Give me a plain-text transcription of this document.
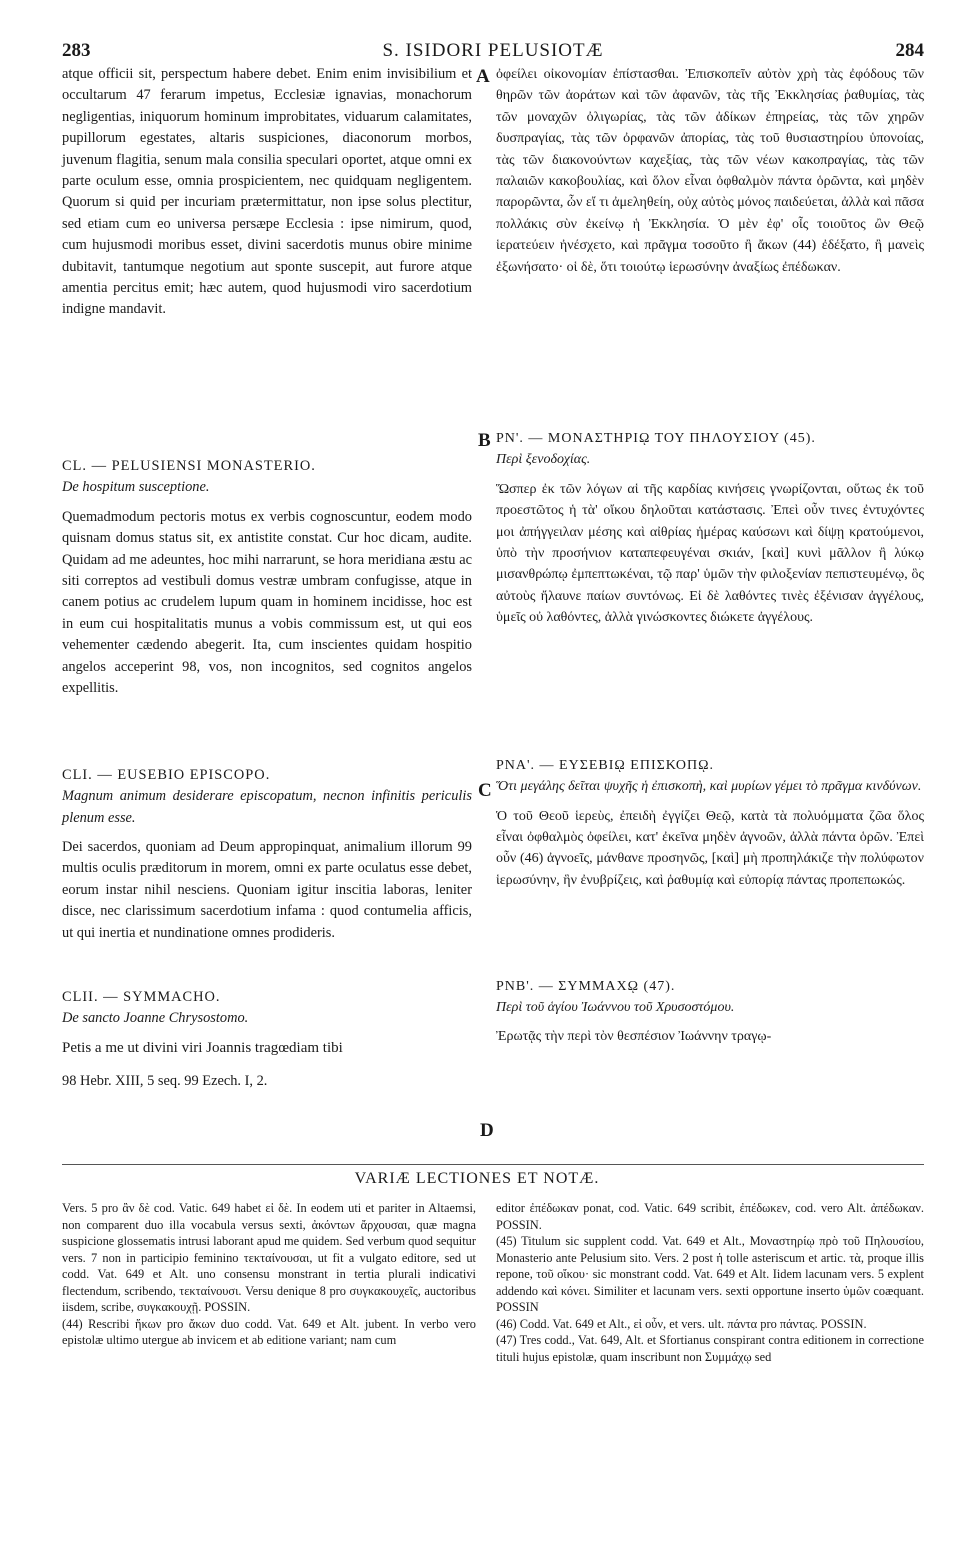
283	S. ISIDORI PELUSIOTÆ	284
A
B
C
D

atque officii sit, perspectum habere debet. Enim enim invisibilium et occultarum 47 ferarum impetus, Ecclesiæ ignavias, monachorum negligentias, iniquorum hominum improbitates, viduarum calamitates, pupillorum egestates, altaris suspiciones, diaconorum morbos, juvenum flagitia, senum mala consilia speculari oportet, atque omni ex parte oculum esse, omnia prospicientem, nec quidquam negligentem. Quorum si quid per incuriam prætermittatur, non ipse solus plectitur, sed etiam cum eo universa persæpe Ecclesia : ipse nimirum, quod, cum hujusmodi moribus esset, divini sacerdotis munus obire minime dubitavit, tantumque negotium aut sponte suscepit, aut furore atque amentia percitus emit; hæc autem, quod hujusmodi viro sacerdotium indigne mandavit.

CL. — PELUSIENSI MONASTERIO.

De hospitum susceptione.

Quemadmodum pectoris motus ex verbis cognoscuntur, eodem modo quisnam domus status sit, ex antistite constat. Cur hoc dicam, audite. Quidam ad me adeuntes, hoc mihi narrarunt, se hora meridiana æstu ac siti correptos ad vestibuli domus vestræ umbram confugisse, atque in canem potius ac crudelem lupum quam in hominem incidisse, hoc est in eum cui hospitalitatis munus a vobis commissum est, ut qui eos vehementer cædendo abegerit. Ita, cum inscientes quidam hospitio angelos acceperint 98, vos, non incognitos, sed cognitos angelos expellitis.

CLI. — EUSEBIO EPISCOPO.

Magnum animum desiderare episcopatum, necnon infinitis periculis plenum esse.

Dei sacerdos, quoniam ad Deum appropinquat, animalium illorum 99 multis oculis præditorum in morem, omni ex parte oculatus esse debet, eorum instar nihil nesciens. Quoniam igitur inscitia laboras, leniter disce, nec clarissimum sacerdotium infama : quod contumelia afficis, ut qui inertia et nundinatione omnes prodideris.

CLII. — SYMMACHO.

De sancto Joanne Chrysostomo.

Petis a me ut divini viri Joannis tragœdiam tibi

98 Hebr. XIII, 5 seq. 99 Ezech. I, 2.

ὀφείλει οἰκονομίαν ἐπίστασθαι. Ἐπισκοπεῖν αὐτὸν χρὴ τὰς ἐφόδους τῶν θηρῶν τῶν ἀοράτων καὶ τῶν ἀφανῶν, τὰς τῆς Ἐκκλησίας ῥαθυμίας, τὰς τῶν μοναχῶν ὀλιγωρίας, τὰς τῶν ἀδίκων ἐπηρείας, τὰς τῶν χηρῶν δυσπραγίας, τὰς τῶν ὀρφανῶν ἀπορίας, τὰς τοῦ θυσιαστηρίου ὑπονοίας, τὰς τῶν διακονούντων καχεξίας, τὰς τῶν νέων κακοπραγίας, τὰς τῶν παλαιῶν κακοβουλίας, καὶ ὅλον εἶναι ὀφθαλμὸν πάντα ὁρῶντα, καὶ μηδὲν παρορῶντα, ὧν εἴ τι ἀμεληθείη, οὐχ αὐτὸς μόνος παιδεύεται, ἀλλὰ καὶ πᾶσα πολλάκις σὺν ἐκείνῳ ἡ Ἐκκλησία. Ὁ μὲν ἐφ' οἷς τοιοῦτος ὢν Θεῷ ἱερατεύειν ἠνέσχετο, καὶ πρᾶγμα τοσοῦτο ἢ ἄκων (44) ἐδέξατο, ἢ μανεὶς ἐξωνήσατο· οἱ δὲ, ὅτι τοιούτῳ ἱερωσύνην ἀναξίως ἐπέδωκαν.

ΡΝ'. — ΜΟΝΑΣΤΗΡΙῼ ΤΟΥ ΠΗΛΟΥΣΙΟΥ (45).

Περὶ ξενοδοχίας.

Ὥσπερ ἐκ τῶν λόγων αἱ τῆς καρδίας κινήσεις γνωρίζονται, οὕτως ἐκ τοῦ προεστῶτος ἡ τὰ' οἴκου δηλοῦται κατάστασις. Ἐπεὶ οὖν τινες ἐντυχόντες μοι ἀπήγγειλαν μέσης καὶ αἰθρίας ἡμέρας καύσωνι καὶ δίψῃ κρατούμενοι, ὑπὸ τὴν προσήνιον καταπεφευγέναι σκιάν, [καὶ] κυνὶ μᾶλλον ἢ λύκῳ μισανθρώπῳ ἐμπεπτωκέναι, τῷ παρ' ὑμῶν τὴν φιλοξενίαν πεπιστευμένῳ, ὃς αὐτοὺς ἤλαυνε παίων συντόνως. Εἰ δὲ λαθόντες τινὲς ἐξένισαν ἀγγέλους, ὑμεῖς οὐ λαθόντες, ἀλλὰ γινώσκοντες διώκετε ἀγγέλους.

ΡΝΑ'. — ΕΥΣΕΒΙῼ ΕΠΙΣΚΟΠῼ.

Ὅτι μεγάλης δεῖται ψυχῆς ἡ ἐπισκοπὴ, καὶ μυρίων γέμει τὸ πρᾶγμα κινδύνων.

Ὁ τοῦ Θεοῦ ἱερεὺς, ἐπειδὴ ἐγγίζει Θεῷ, κατὰ τὰ πολυόμματα ζῶα ὅλος εἶναι ὀφθαλμὸς ὀφείλει, κατ' ἐκεῖνα μηδὲν ἀγνοῶν, ἀλλὰ πάντα ὁρῶν. Ἐπεὶ οὖν (46) ἀγνοεῖς, μάνθανε προσηνῶς, [καὶ] μὴ προπηλάκιζε τὴν πολύφωτον ἱερωσύνην, ἣν ἐνυβρίζεις, καὶ ῥαθυμίᾳ καὶ εὐπορίᾳ πάντας προπεπωκώς.

ΡΝΒ'. — ΣΥΜΜΑΧῼ (47).

Περὶ τοῦ ἁγίου Ἰωάννου τοῦ Χρυσοστόμου.

Ἐρωτᾷς τὴν περὶ τὸν θεσπέσιον Ἰωάννην τραγῳ-

VARIÆ LECTIONES ET NOTÆ.

Vers. 5 pro ἂν δὲ cod. Vatic. 649 habet εἰ δὲ. In eodem uti et pariter in Altaemsi, non comparent duo illa vocabula versus sexti, ἀκόντων ἄρχουσαι, quæ magna suspicione glossematis intrusi laborant apud me quidem. Sed verbum quod sequitur vers. 7 non in participio feminino τεκταίνουσαι, ut fit a vulgato editore, sed ut codd. Vat. 649 et Alt. uno consensu monstrant in tertia plurali indicativi flectendum, scribendo, τεκταίνουσι. Versu denique 8 pro συγκακουχεῖς, auctoribus iisdem, scribe, συγκακουχῇ. POSSIN.
(44) Rescribi ἥκων pro ἄκων duo codd. Vat. 649 et Alt. jubent. In verbo vero epistolæ ultimo utergue ab invicem et ab editione variant; nam cum

editor ἐπέδωκαν ponat, cod. Vatic. 649 scribit, ἐπέδωκεν, cod. vero Alt. ἀπέδωκαν. POSSIN.
(45) Titulum sic supplent codd. Vat. 649 et Alt., Μοναστηρίῳ πρὸ τοῦ Πηλουσίου, Monasterio ante Pelusium sito. Vers. 2 post ἡ tolle asteriscum et artic. τὰ, proque illis repone, τοῦ οἴκου· sic monstrant codd. Vat. 649 et Alt. Iidem lacunam vers. 5 explent addendo καὶ κόνει. Similiter et lacunam vers. sexti opportune inserto ὑμῶν coæquant. POSSIN
(46) Codd. Vat. 649 et Alt., εἰ οὖν, et vers. ult. πάντα pro πάντας. POSSIN.
(47) Tres codd., Vat. 649, Alt. et Sfortianus conspirant contra editionem in correctione tituli hujus epistolæ, quam inscribunt non Συμμάχῳ sed
